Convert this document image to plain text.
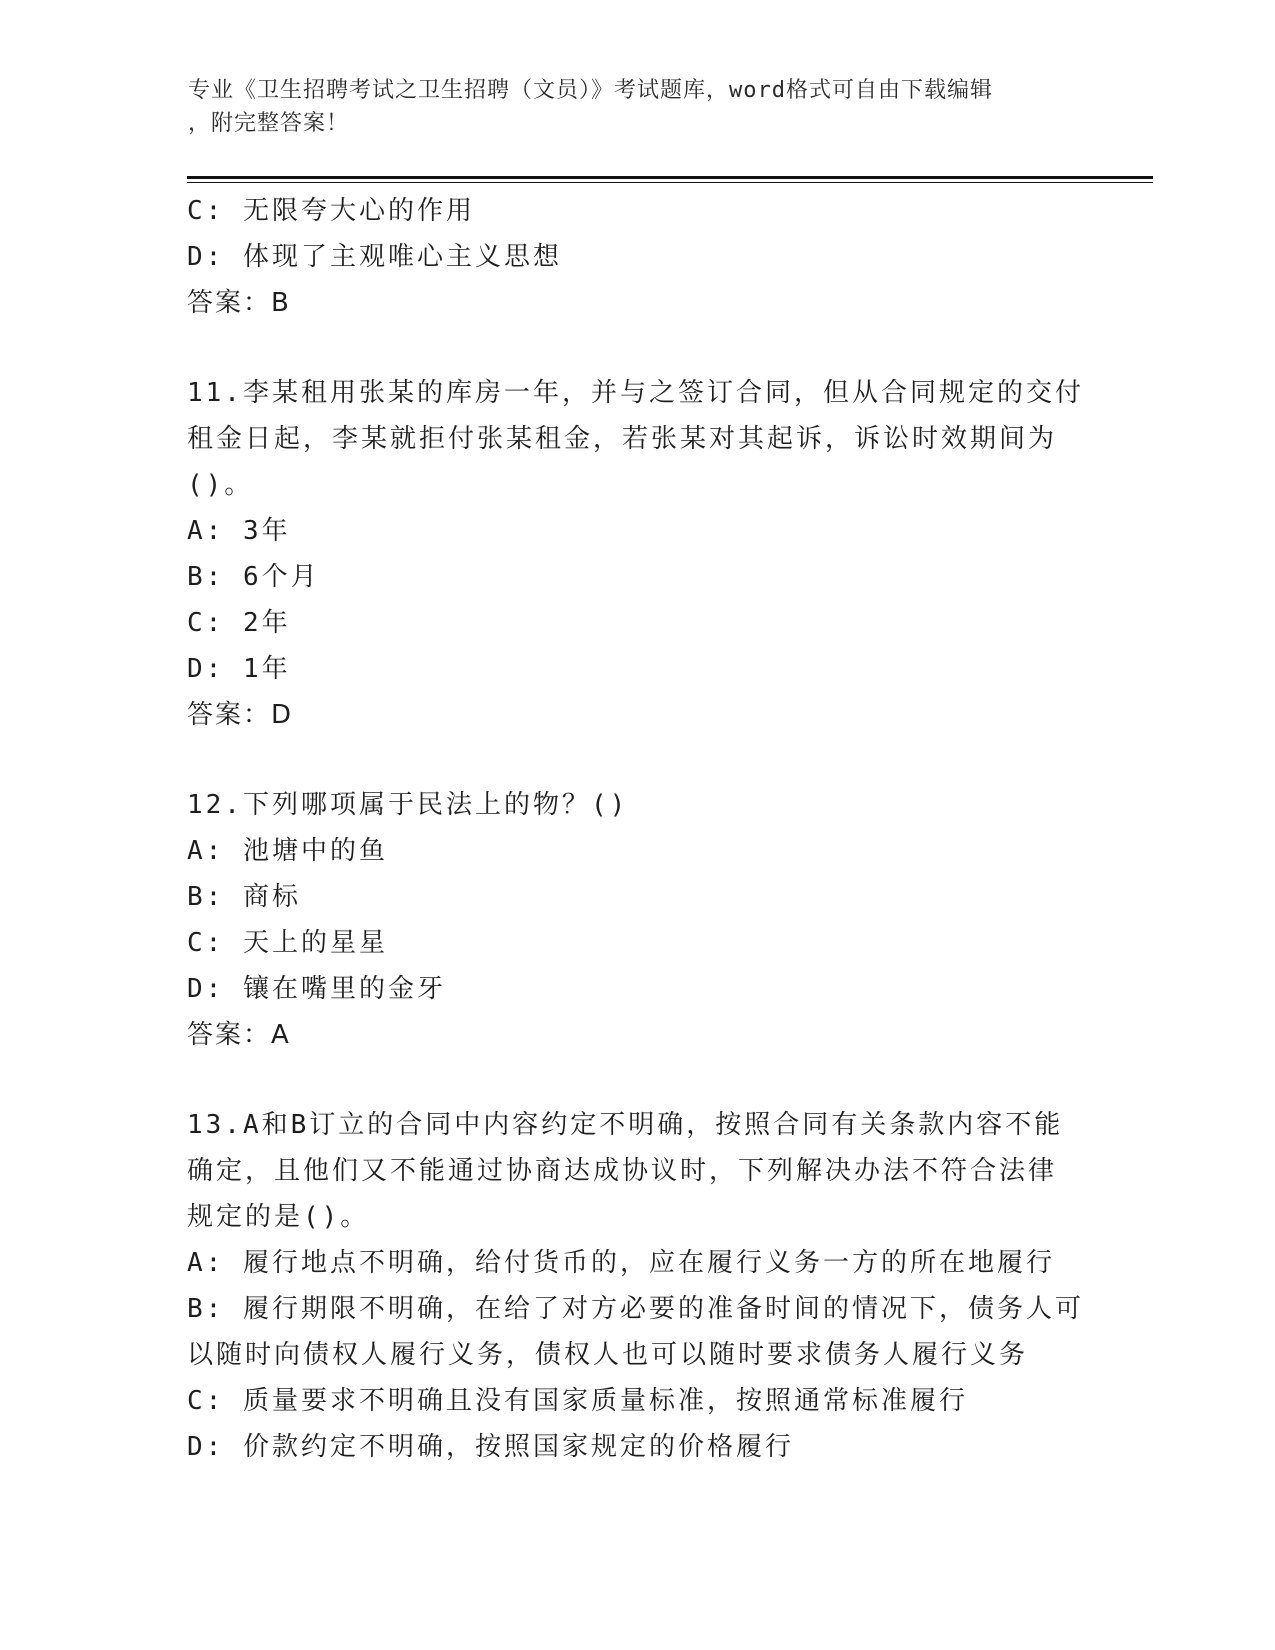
专业《卫生招聘考试之卫生招聘（文员）》考试题库，word格式可自由下载编辑
，附完整答案！
C: 无限夸大心的作用
D: 体现了主观唯心主义思想
答案：B
11.李某租用张某的库房一年，并与之签订合同，但从合同规定的交付
租金日起，李某就拒付张某租金，若张某对其起诉，诉讼时效期间为
()。
A: 3年
B: 6个月
C: 2年
D: 1年
答案：D
12.下列哪项属于民法上的物？()
A: 池塘中的鱼
B: 商标
C: 天上的星星
D: 镶在嘴里的金牙
答案：A
13.A和B订立的合同中内容约定不明确，按照合同有关条款内容不能
确定，且他们又不能通过协商达成协议时，下列解决办法不符合法律
规定的是()。
A: 履行地点不明确，给付货币的，应在履行义务一方的所在地履行
B: 履行期限不明确，在给了对方必要的准备时间的情况下，债务人可
以随时向债权人履行义务，债权人也可以随时要求债务人履行义务
C: 质量要求不明确且没有国家质量标准，按照通常标准履行
D: 价款约定不明确，按照国家规定的价格履行
